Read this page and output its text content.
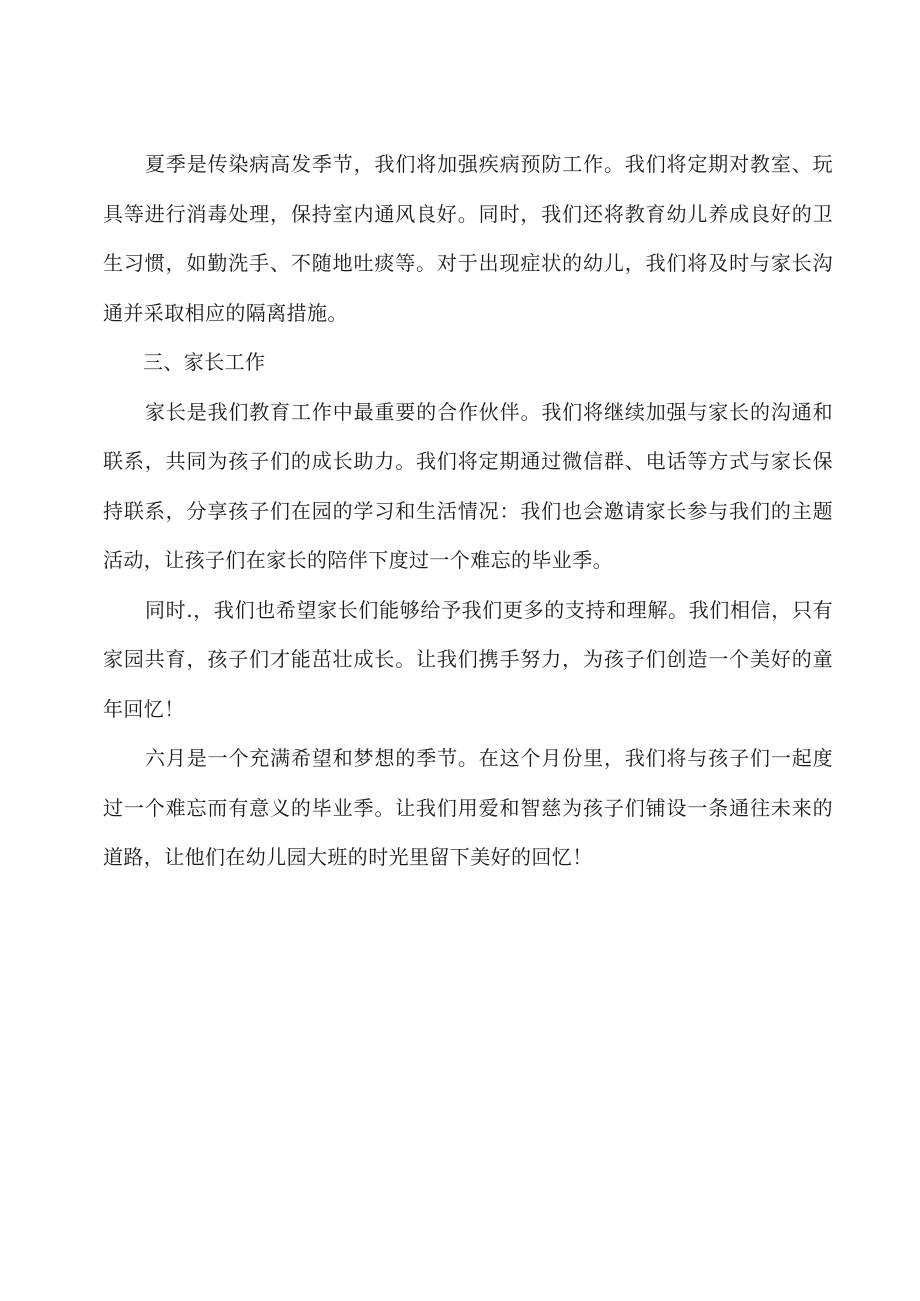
夏季是传染病高发季节，我们将加强疾病预防工作。我们将定期对教室、玩具等进行消毒处理，保持室内通风良好。同时，我们还将教育幼儿养成良好的卫生习惯，如勤洗手、不随地吐痰等。对于出现症状的幼儿，我们将及时与家长沟通并采取相应的隔离措施。

三、家长工作

家长是我们教育工作中最重要的合作伙伴。我们将继续加强与家长的沟通和联系，共同为孩子们的成长助力。我们将定期通过微信群、电话等方式与家长保持联系，分享孩子们在园的学习和生活情况：我们也会邀请家长参与我们的主题活动，让孩子们在家长的陪伴下度过一个难忘的毕业季。

同时.，我们也希望家长们能够给予我们更多的支持和理解。我们相信，只有家园共育，孩子们才能茁壮成长。让我们携手努力，为孩子们创造一个美好的童年回忆！

六月是一个充满希望和梦想的季节。在这个月份里，我们将与孩子们一起度过一个难忘而有意义的毕业季。让我们用爱和智慈为孩子们铺设一条通往未来的道路，让他们在幼儿园大班的时光里留下美好的回忆！
